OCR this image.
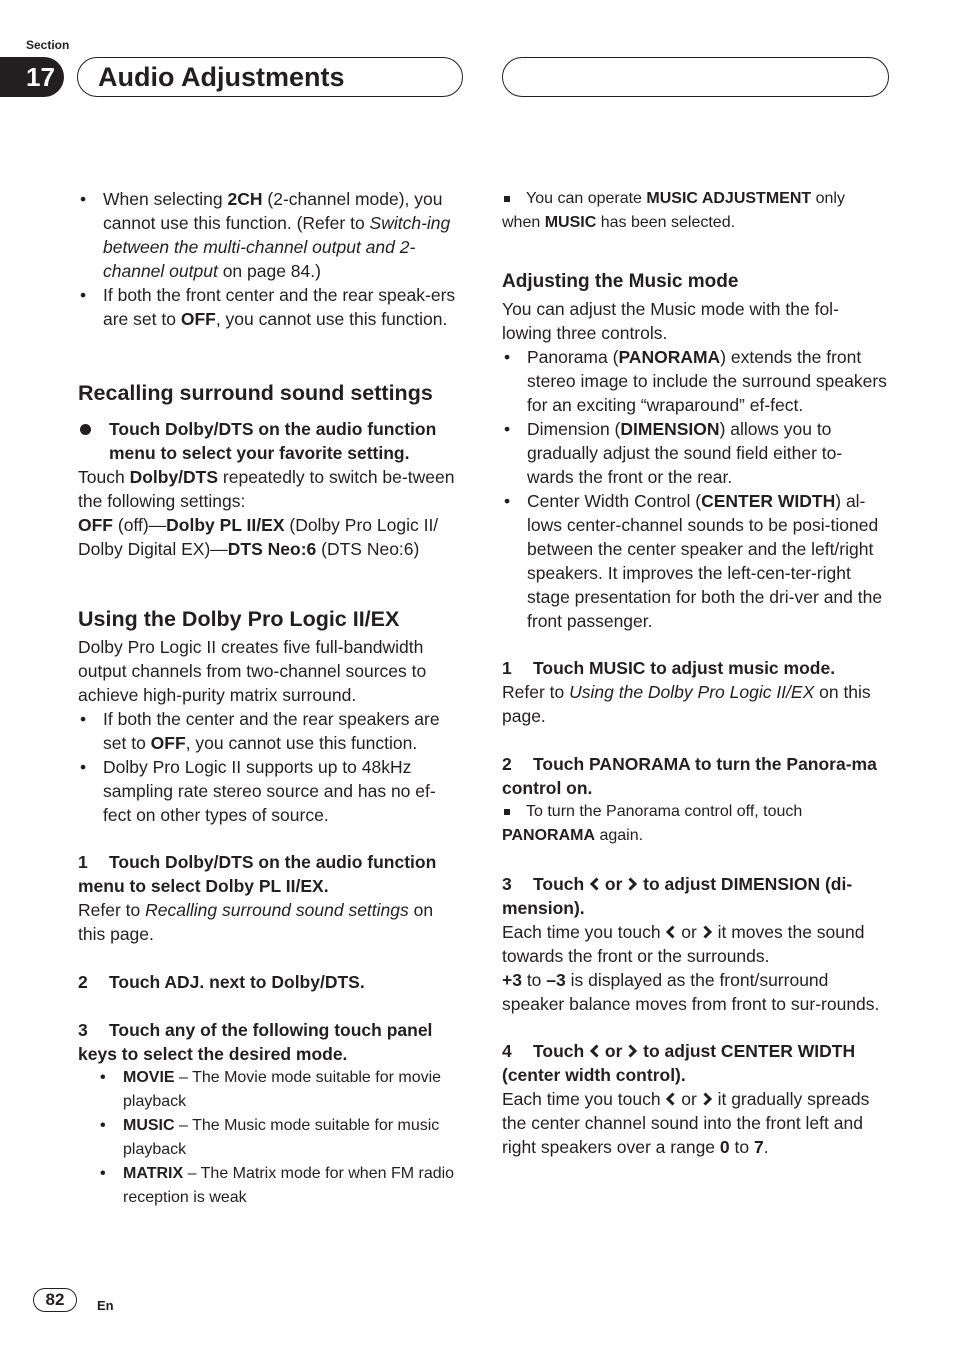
Section
17	Audio Adjustments

• When selecting 2CH (2-channel mode), you cannot use this function. (Refer to Switch-ing between the multi-channel output and 2-channel output on page 84.)

• If both the front center and the rear speak-ers are set to OFF, you cannot use this function.

Recalling surround sound settings

Touch Dolby/DTS on the audio function menu to select your favorite setting.

Touch Dolby/DTS repeatedly to switch be-tween the following settings:

OFF (off)—Dolby PL II/EX (Dolby Pro Logic II/ Dolby Digital EX)—DTS Neo:6 (DTS Neo:6)

Using the Dolby Pro Logic II/EX

Dolby Pro Logic II creates five full-bandwidth output channels from two-channel sources to achieve high-purity matrix surround.

• If both the center and the rear speakers are set to OFF, you cannot use this function.

• Dolby Pro Logic II supports up to 48kHz sampling rate stereo source and has no ef-fect on other types of source.

1 Touch Dolby/DTS on the audio function menu to select Dolby PL II/EX.

Refer to Recalling surround sound settings on this page.

2 Touch ADJ. next to Dolby/DTS.

3 Touch any of the following touch panel keys to select the desired mode.

• MOVIE – The Movie mode suitable for movie playback

• MUSIC – The Music mode suitable for music playback

• MATRIX – The Matrix mode for when FM radio reception is weak

You can operate MUSIC ADJUSTMENT only

when MUSIC has been selected.

Adjusting the Music mode

You can adjust the Music mode with the fol-lowing three controls.

• Panorama (PANORAMA) extends the front stereo image to include the surround speakers for an exciting “wraparound” ef-fect.

• Dimension (DIMENSION) allows you to gradually adjust the sound field either to-wards the front or the rear.

• Center Width Control (CENTER WIDTH) al-lows center-channel sounds to be posi-tioned between the center speaker and the left/right speakers. It improves the left-cen-ter-right stage presentation for both the dri-ver and the front passenger.

1 Touch MUSIC to adjust music mode.

Refer to Using the Dolby Pro Logic II/EX on this page.

2 Touch PANORAMA to turn the Panora-ma control on.

To turn the Panorama control off, touch

PANORAMA again.

3 Touch  or  to adjust DIMENSION (di-mension).

Each time you touch  or  it moves the sound towards the front or the surrounds.

+3 to –3 is displayed as the front/surround speaker balance moves from front to sur-rounds.

4 Touch  or  to adjust CENTER WIDTH (center width control).

Each time you touch  or  it gradually spreads the center channel sound into the front left and right speakers over a range 0 to 7.

82	En
